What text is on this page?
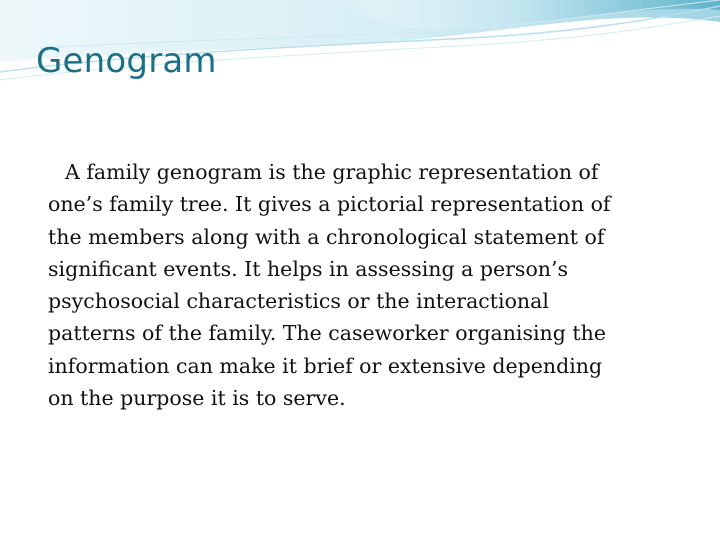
Genogram

A family genogram is the graphic representation of
one’s family tree. It gives a pictorial representation of
the members along with a chronological statement of
significant events. It helps in assessing a person’s
psychosocial characteristics or the interactional
patterns of the family. The caseworker organising the
information can make it brief or extensive depending
on the purpose it is to serve.
